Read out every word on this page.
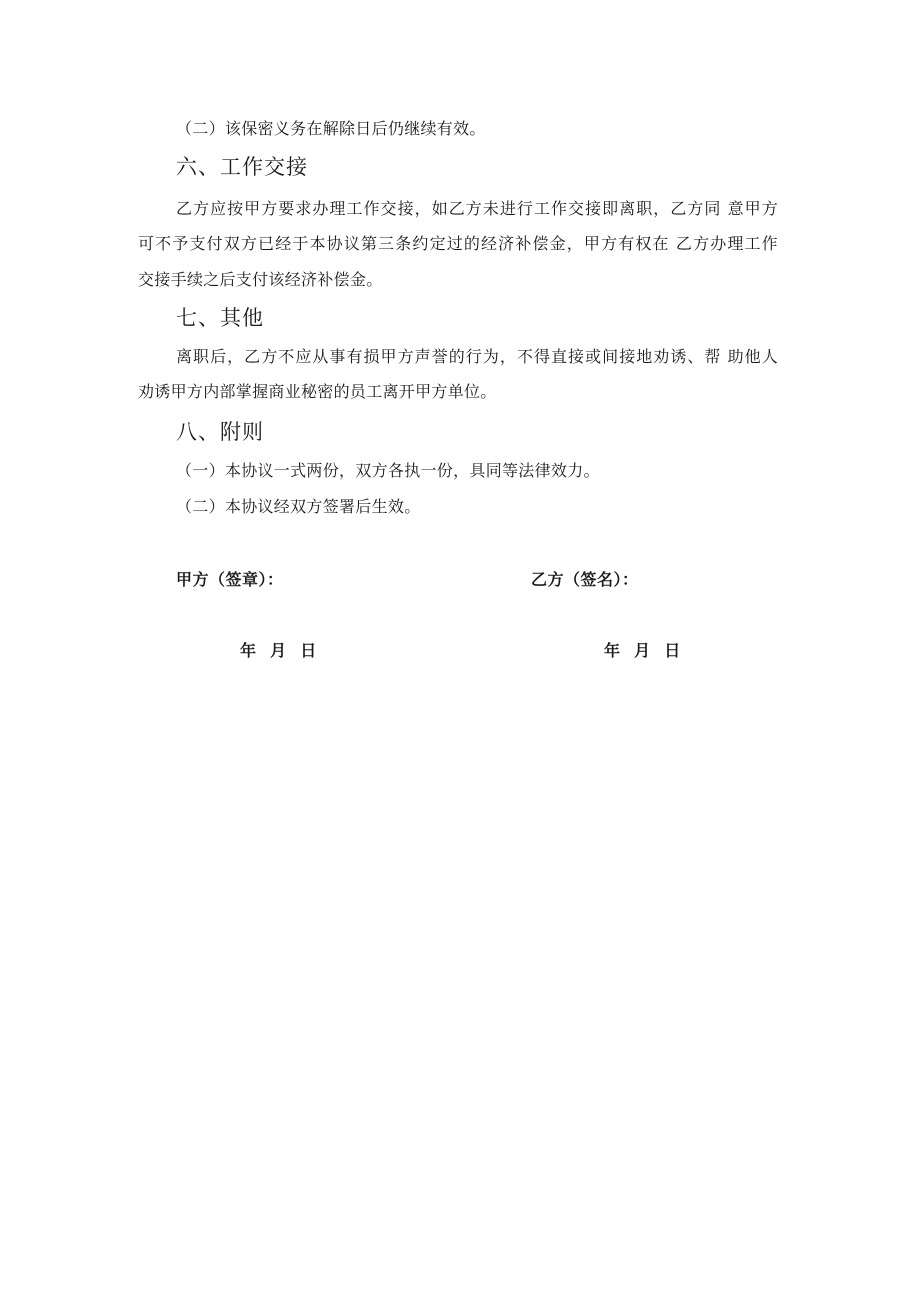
（二）该保密义务在解除日后仍继续有效。
六、工作交接
乙方应按甲方要求办理工作交接，如乙方未进行工作交接即离职，乙方同 意甲方
可不予支付双方已经于本协议第三条约定过的经济补偿金，甲方有权在 乙方办理工作
交接手续之后支付该经济补偿金。
七、其他
离职后，乙方不应从事有损甲方声誉的行为，不得直接或间接地劝诱、帮 助他人
劝诱甲方内部掌握商业秘密的员工离开甲方单位。
八、附则
（一）本协议一式两份，双方各执一份，具同等法律效力。
（二）本协议经双方签署后生效。
甲方（签章）：	乙方（签名）：
年  月  日	年  月  日
